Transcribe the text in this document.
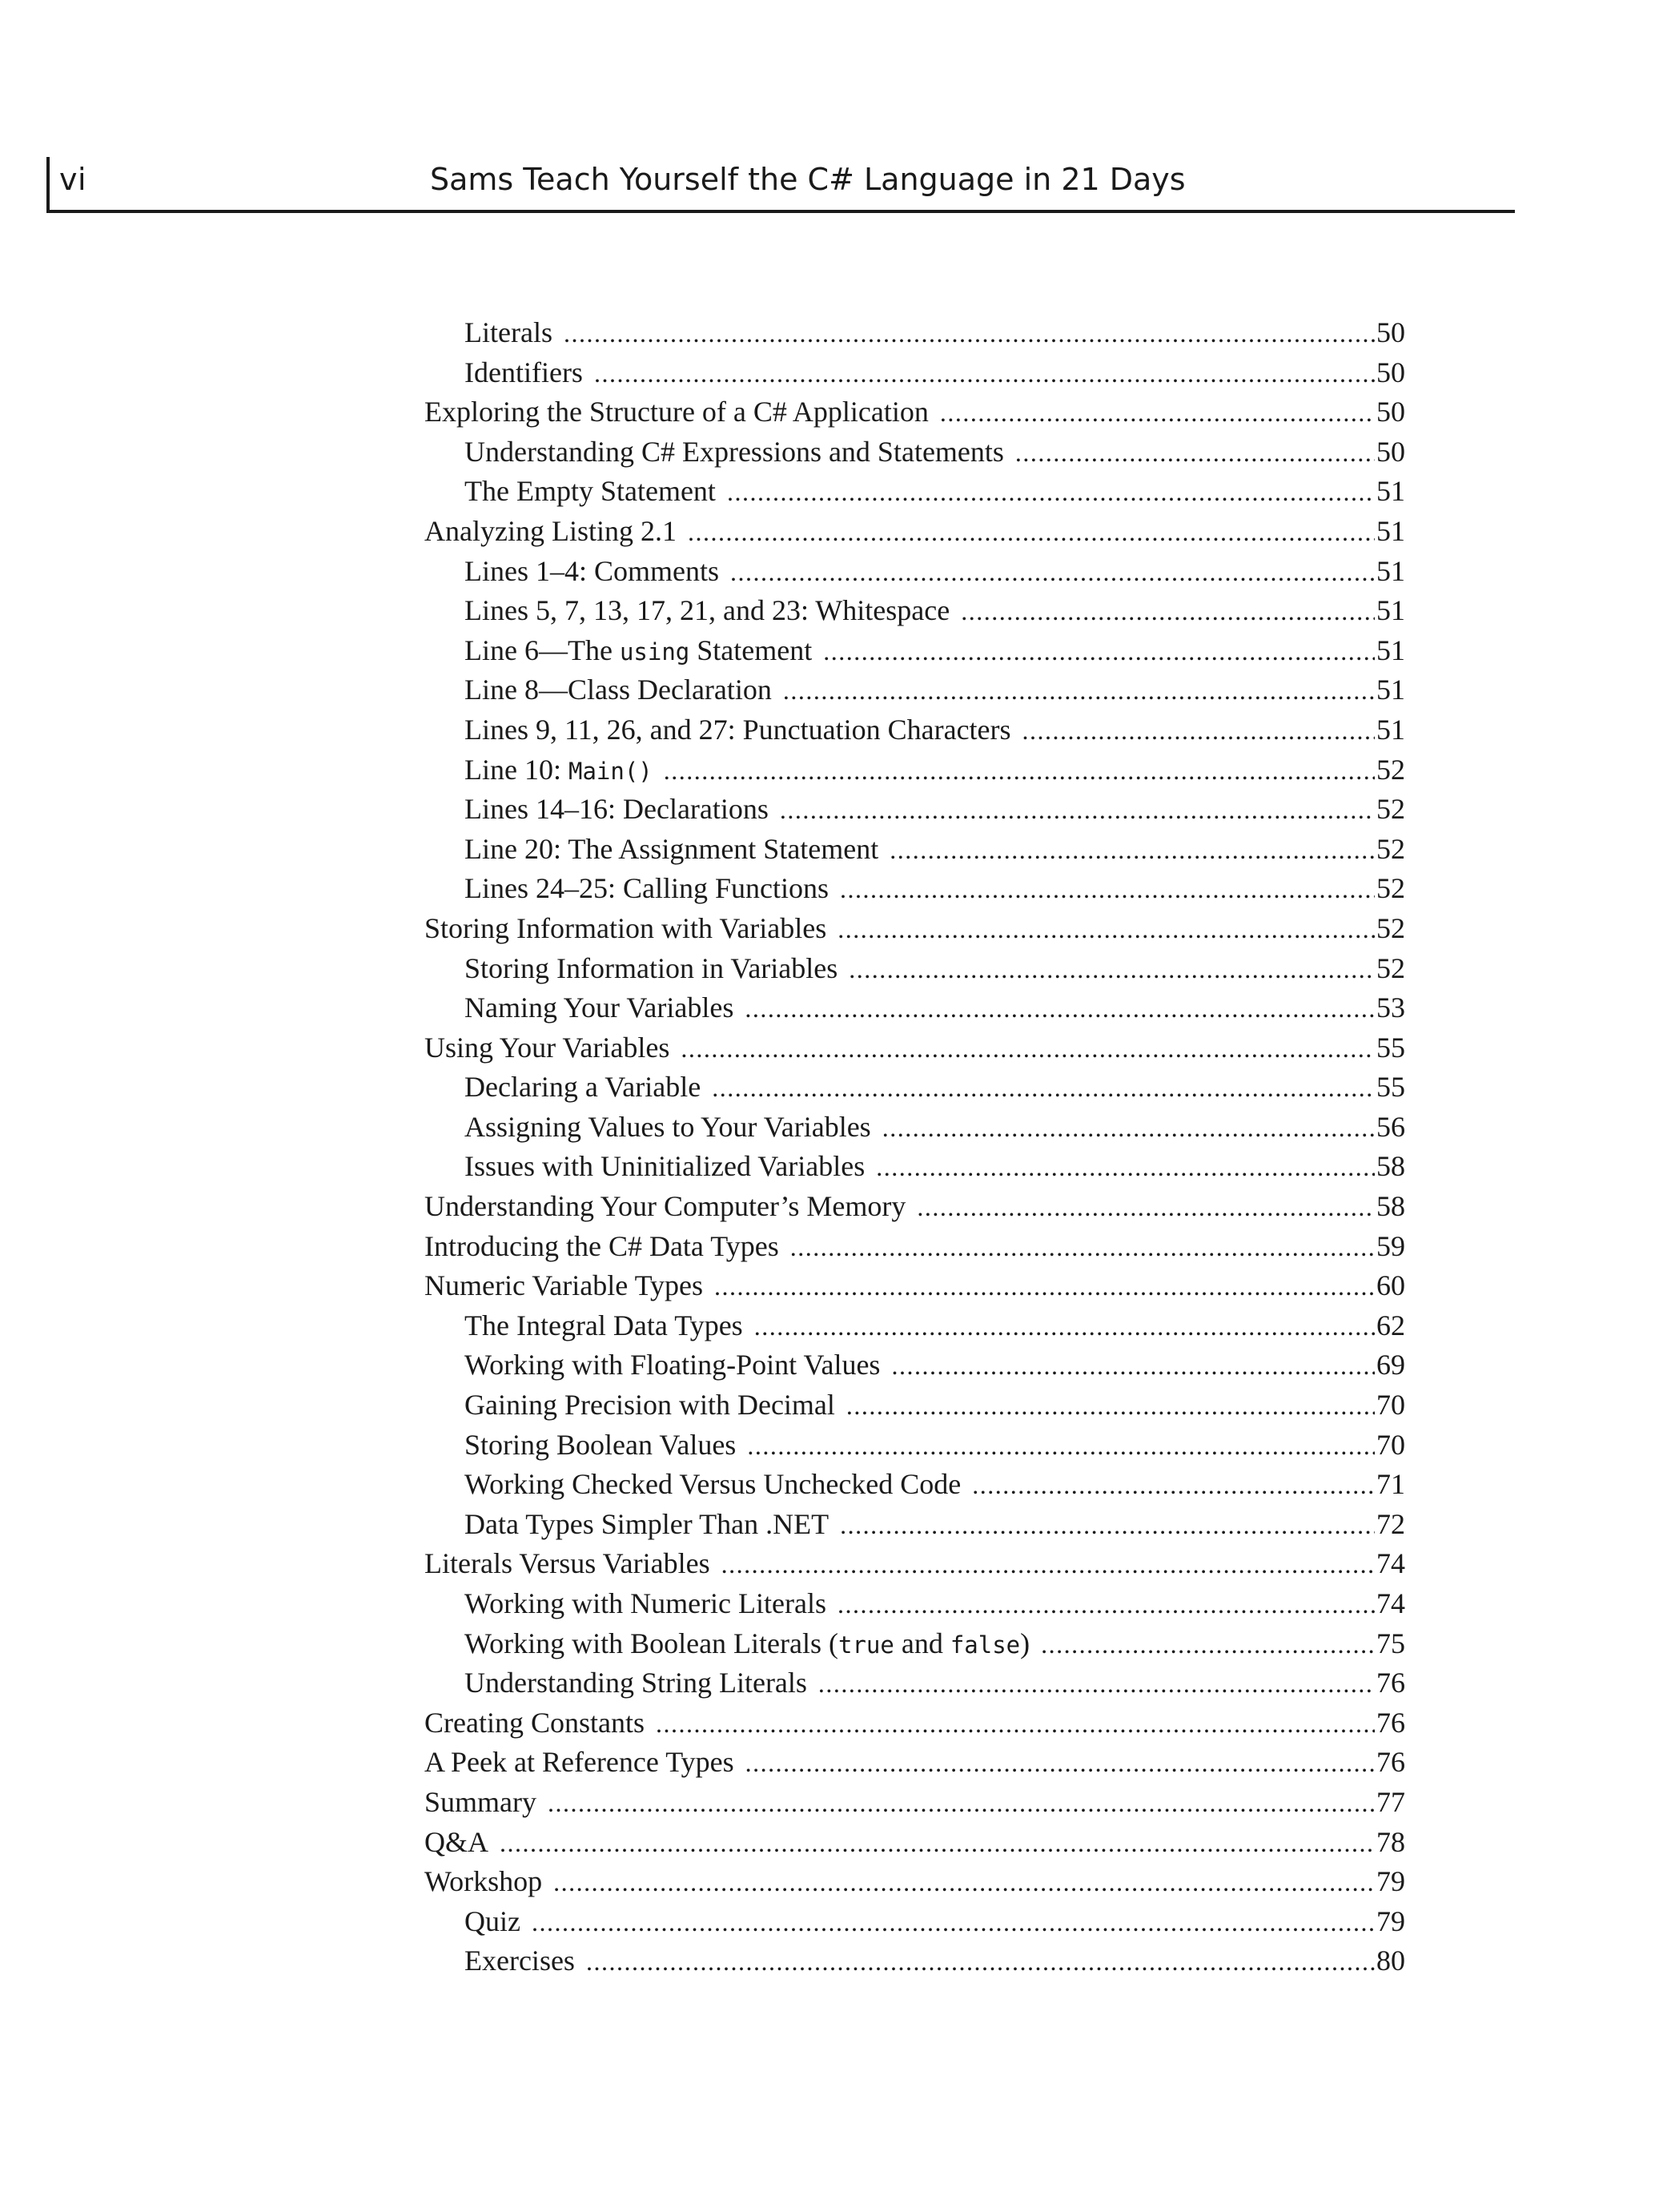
vi	Sams Teach Yourself the C# Language in 21 Days
Literals .....	50
Identifiers .....	50
Exploring the Structure of a C# Application .....	50
Understanding C# Expressions and Statements .....	50
The Empty Statement .....	51
Analyzing Listing 2.1 .....	51
Lines 1–4: Comments .....	51
Lines 5, 7, 13, 17, 21, and 23: Whitespace .....	51
Line 6—The using Statement .....	51
Line 8—Class Declaration .....	51
Lines 9, 11, 26, and 27: Punctuation Characters .....	51
Line 10: Main() .....	52
Lines 14–16: Declarations .....	52
Line 20: The Assignment Statement .....	52
Lines 24–25: Calling Functions .....	52
Storing Information with Variables .....	52
Storing Information in Variables .....	52
Naming Your Variables .....	53
Using Your Variables .....	55
Declaring a Variable .....	55
Assigning Values to Your Variables .....	56
Issues with Uninitialized Variables .....	58
Understanding Your Computer’s Memory .....	58
Introducing the C# Data Types .....	59
Numeric Variable Types .....	60
The Integral Data Types .....	62
Working with Floating-Point Values .....	69
Gaining Precision with Decimal .....	70
Storing Boolean Values .....	70
Working Checked Versus Unchecked Code .....	71
Data Types Simpler Than .NET .....	72
Literals Versus Variables .....	74
Working with Numeric Literals .....	74
Working with Boolean Literals (true and false) .....	75
Understanding String Literals .....	76
Creating Constants .....	76
A Peek at Reference Types .....	76
Summary .....	77
Q&A .....	78
Workshop .....	79
Quiz .....	79
Exercises .....	80
